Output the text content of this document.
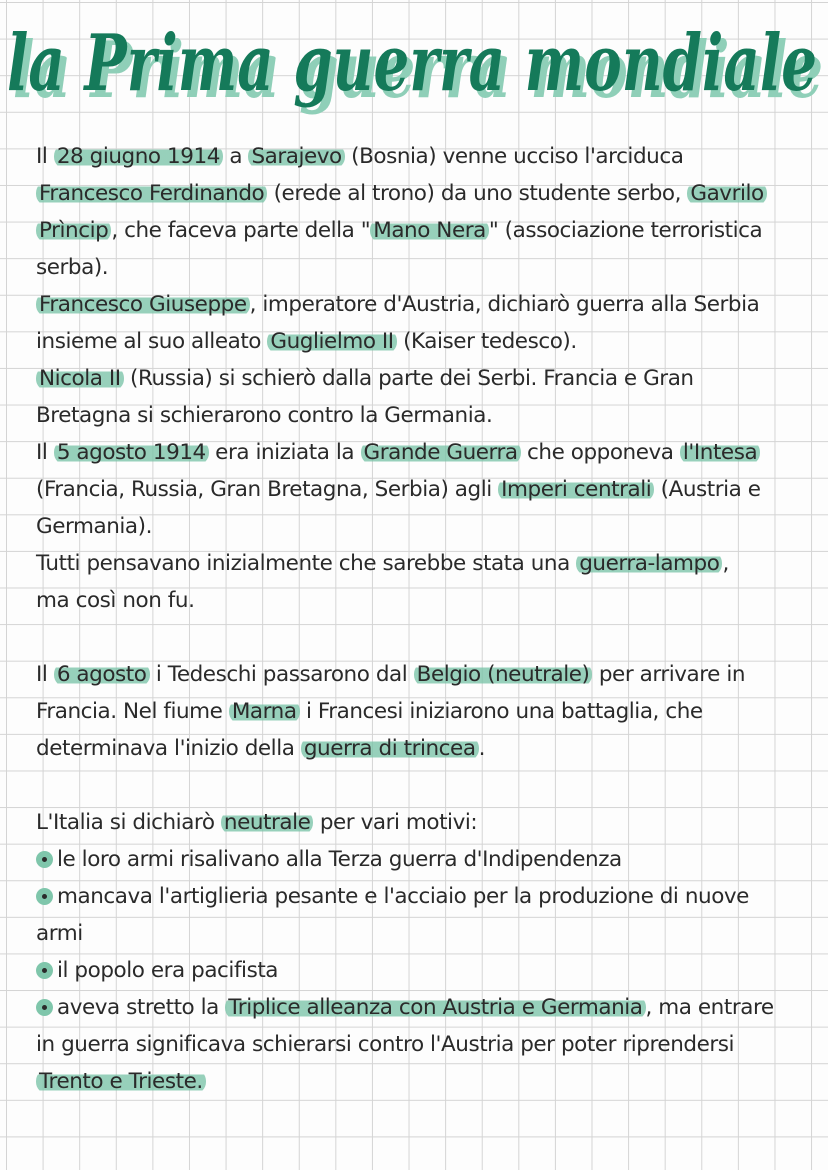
la Prima guerra mondiale
la Prima guerra mondiale
Il 28 giugno 1914 a Sarajevo (Bosnia) venne ucciso l'arciduca
Francesco Ferdinando (erede al trono) da uno studente serbo, Gavrilo
Prìncip , che faceva parte della " Mano Nera " (associazione terroristica
serba).
Francesco Giuseppe , imperatore d'Austria, dichiarò guerra alla Serbia
insieme al suo alleato Guglielmo II (Kaiser tedesco).
Nicola II (Russia) si schierò dalla parte dei Serbi. Francia e Gran
Bretagna si schierarono contro la Germania.
Il 5 agosto 1914 era iniziata la Grande Guerra che opponeva l'Intesa
(Francia, Russia, Gran Bretagna, Serbia) agli Imperi centrali (Austria e
Germania).
Tutti pensavano inizialmente che sarebbe stata una guerra-lampo ,
ma così non fu.
Il 6 agosto i Tedeschi passarono dal Belgio (neutrale) per arrivare in
Francia. Nel fiume Marna i Francesi iniziarono una battaglia, che
determinava l'inizio della guerra di trincea .
L'Italia si dichiarò neutrale per vari motivi:
le loro armi risalivano alla Terza guerra d'Indipendenza
mancava l'artiglieria pesante e l'acciaio per la produzione di nuove
armi
il popolo era pacifista
aveva stretto la Triplice alleanza con Austria e Germania , ma entrare
in guerra significava schierarsi contro l'Austria per poter riprendersi
Trento e Trieste.
